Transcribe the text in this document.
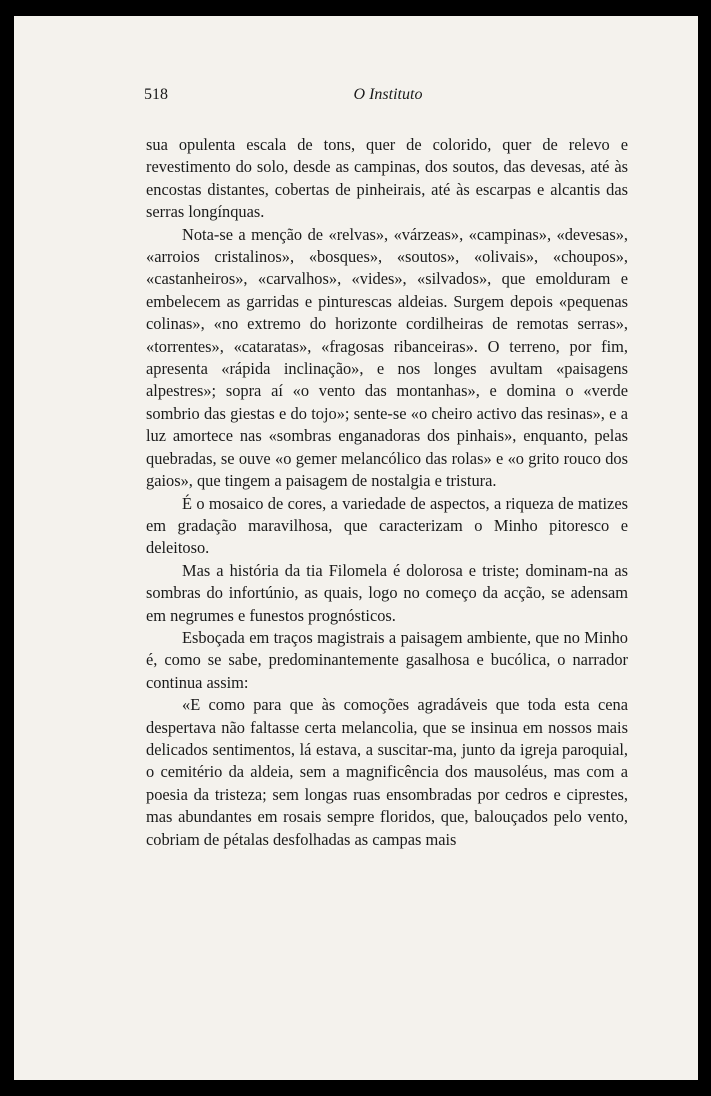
518	O Instituto

sua opulenta escala de tons, quer de colorido, quer de relevo e revestimento do solo, desde as campinas, dos soutos, das devesas, até às encostas distantes, cobertas de pinheirais, até às escarpas e alcantis das serras longínquas.

Nota-se a menção de «relvas», «várzeas», «campinas», «devesas», «arroios cristalinos», «bosques», «soutos», «olivais», «choupos», «castanheiros», «carvalhos», «vides», «silvados», que emolduram e embelecem as garridas e pinturescas aldeias. Surgem depois «pequenas colinas», «no extremo do horizonte cordilheiras de remotas serras», «torrentes», «cataratas», «fragosas ribanceiras». O terreno, por fim, apresenta «rápida inclinação», e nos longes avultam «paisagens alpestres»; sopra aí «o vento das montanhas», e domina o «verde sombrio das giestas e do tojo»; sente-se «o cheiro activo das resinas», e a luz amortece nas «sombras enganadoras dos pinhais», enquanto, pelas quebradas, se ouve «o gemer melancólico das rolas» e «o grito rouco dos gaios», que tingem a paisagem de nostalgia e tristura.

É o mosaico de cores, a variedade de aspectos, a riqueza de matizes em gradação maravilhosa, que caracterizam o Minho pitoresco e deleitoso.

Mas a história da tia Filomela é dolorosa e triste; dominam-na as sombras do infortúnio, as quais, logo no começo da acção, se adensam em negrumes e funestos prognósticos.

Esboçada em traços magistrais a paisagem ambiente, que no Minho é, como se sabe, predominantemente gasalhosa e bucólica, o narrador continua assim:

«E como para que às comoções agradáveis que toda esta cena despertava não faltasse certa melancolia, que se insinua em nossos mais delicados sentimentos, lá estava, a suscitar-ma, junto da igreja paroquial, o cemitério da aldeia, sem a magnificência dos mausoléus, mas com a poesia da tristeza; sem longas ruas ensombradas por cedros e ciprestes, mas abundantes em rosais sempre floridos, que, balouçados pelo vento, cobriam de pétalas desfolhadas as campas mais
